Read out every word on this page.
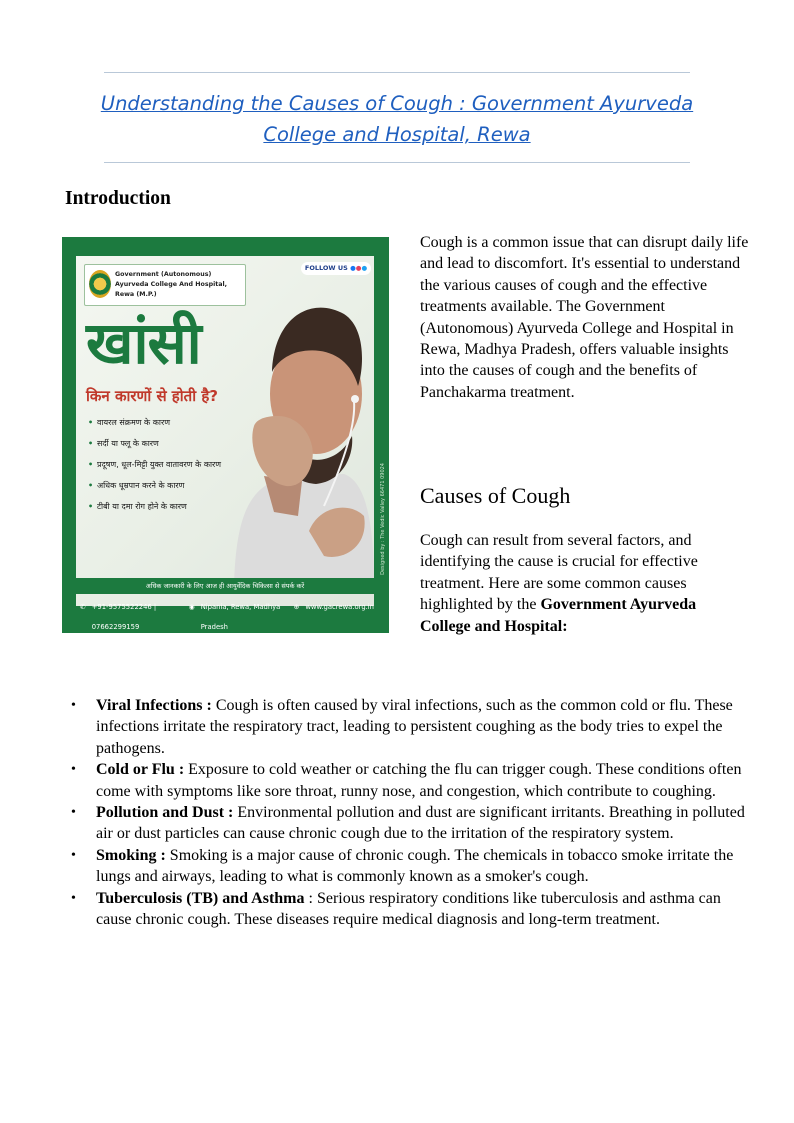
Understanding the Causes of Cough : Government Ayurveda
College and Hospital, Rewa
Introduction
Government (Autonomous) Ayurveda College And Hospital, Rewa (M.P.)
FOLLOW US ●●●
खांसी
किन कारणों से होती है?
• वायरल संक्रमण के कारण
• सर्दी या फ्लू के कारण
• प्रदूषण, धूल-मिट्टी युक्त वातावरण के कारण
• अधिक धूम्रपान करने के कारण
• टीबी या दमा रोग होने के कारण	Designed by : The Vedic Valley 66471 09024
अधिक जानकारी के लिए आज ही आयुर्वेदिक चिकित्सा से संपर्क करें
✆ +91-9575522246 | 07662299159
◉ Nipania, Rewa, Madhya Pradesh
⊕ www.gacrewa.org.in
Cough is a common issue that can disrupt daily life and lead to discomfort. It's essential to understand the various causes of cough and the effective treatments available. The Government (Autonomous) Ayurveda College and Hospital in Rewa, Madhya Pradesh, offers valuable insights into the causes of cough and the benefits of Panchakarma treatment.
Causes of Cough
Cough can result from several factors, and identifying the cause is crucial for effective treatment. Here are some common causes highlighted by the Government Ayurveda College and Hospital:
• Viral Infections : Cough is often caused by viral infections, such as the common cold or flu. These infections irritate the respiratory tract, leading to persistent coughing as the body tries to expel the pathogens.
• Cold or Flu : Exposure to cold weather or catching the flu can trigger cough. These conditions often come with symptoms like sore throat, runny nose, and congestion, which contribute to coughing.
• Pollution and Dust : Environmental pollution and dust are significant irritants. Breathing in polluted air or dust particles can cause chronic cough due to the irritation of the respiratory system.
• Smoking : Smoking is a major cause of chronic cough. The chemicals in tobacco smoke irritate the lungs and airways, leading to what is commonly known as a smoker's cough.
• Tuberculosis (TB) and Asthma : Serious respiratory conditions like tuberculosis and asthma can cause chronic cough. These diseases require medical diagnosis and long-term treatment.
